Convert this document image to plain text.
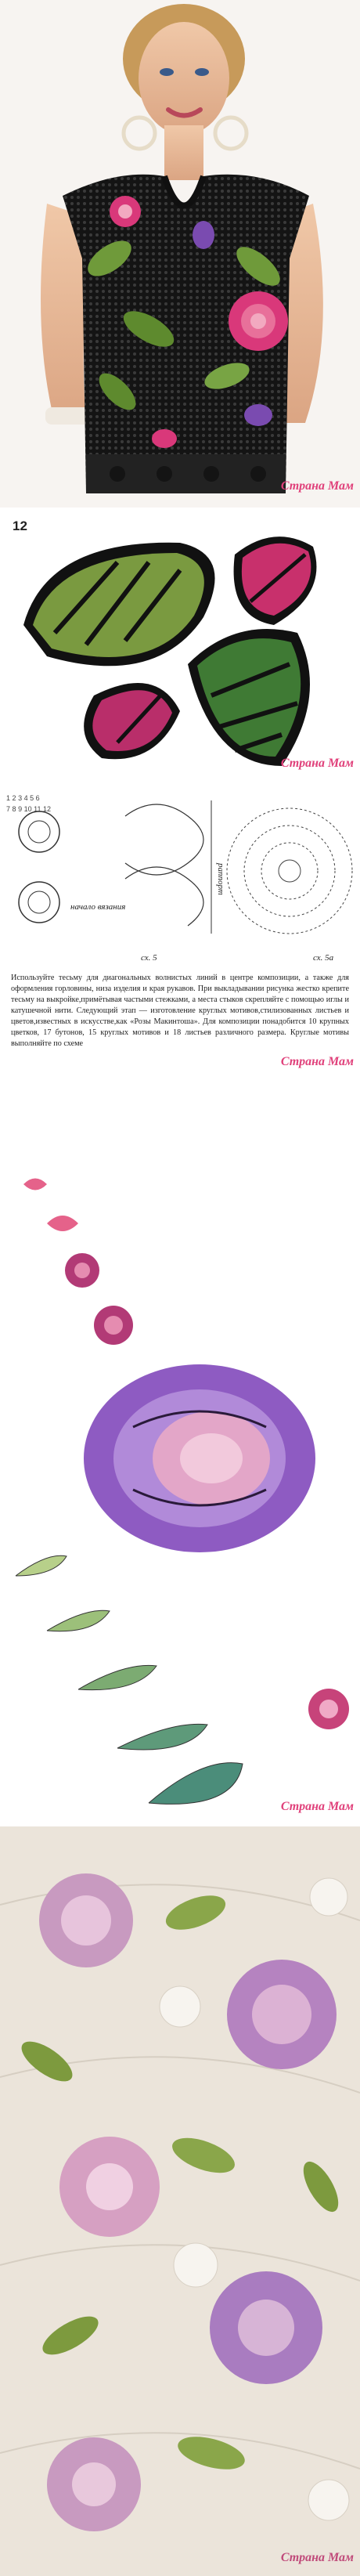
Страна Мам
12
Страна Мам
начало вязания
раппорт
сх. 5	сх. 5а
1 2 3 4 5 6
7 8 9 10 11 12
Используйте тесьму для диагональных волнистых линий в центре композиции, а также для оформления горловины, низа изделия и края рукавов. При выкладывании рисунка жестко крепите тесьму на выкройке,примётывая частыми стежками, а места стыков скрепляйте с помощью иглы и катушечной нити. Следующий этап — изготовление круглых мотивов,стилизованных листьев и цветов,известных в искусстве,как «Розы Макинтоша». Для композиции понадобится 10 крупных цветков, 17 бутонов, 15 круглых мотивов и 18 листьев различного размера. Круглые мотивы выполняйте по схеме
Страна Мам
Страна Мам
Страна Мам
